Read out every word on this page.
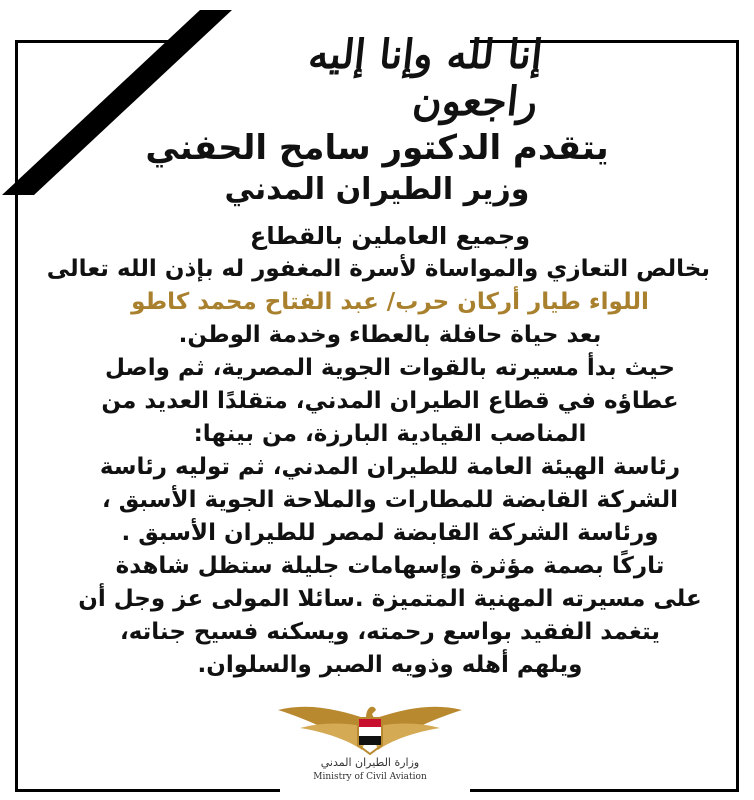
إنا لله وإنا إليه راجعون
يتقدم الدكتور سامح الحفني
وزير الطيران المدني

وجميع العاملين بالقطاع

بخالص التعازي والمواساة لأسرة المغفور له بإذن الله تعالى

اللواء طيار أركان حرب/ عبد الفتاح محمد كاطو

بعد حياة حافلة بالعطاء وخدمة الوطن.

حيث بدأ مسيرته بالقوات الجوية المصرية، ثم واصل

عطاؤه في قطاع الطيران المدني، متقلدًا العديد من

المناصب القيادية البارزة، من بينها:

رئاسة الهيئة العامة للطيران المدني، ثم توليه رئاسة

الشركة القابضة للمطارات والملاحة الجوية الأسبق ،

ورئاسة الشركة القابضة لمصر للطيران الأسبق .

تاركًا بصمة مؤثرة وإسهامات جليلة ستظل شاهدة

على مسيرته المهنية المتميزة .سائلا المولى عز وجل أن

يتغمد الفقيد بواسع رحمته، ويسكنه فسيح جناته،

ويلهم أهله وذويه الصبر والسلوان.

وزارة الطيران المدني
Ministry of Civil Aviation
